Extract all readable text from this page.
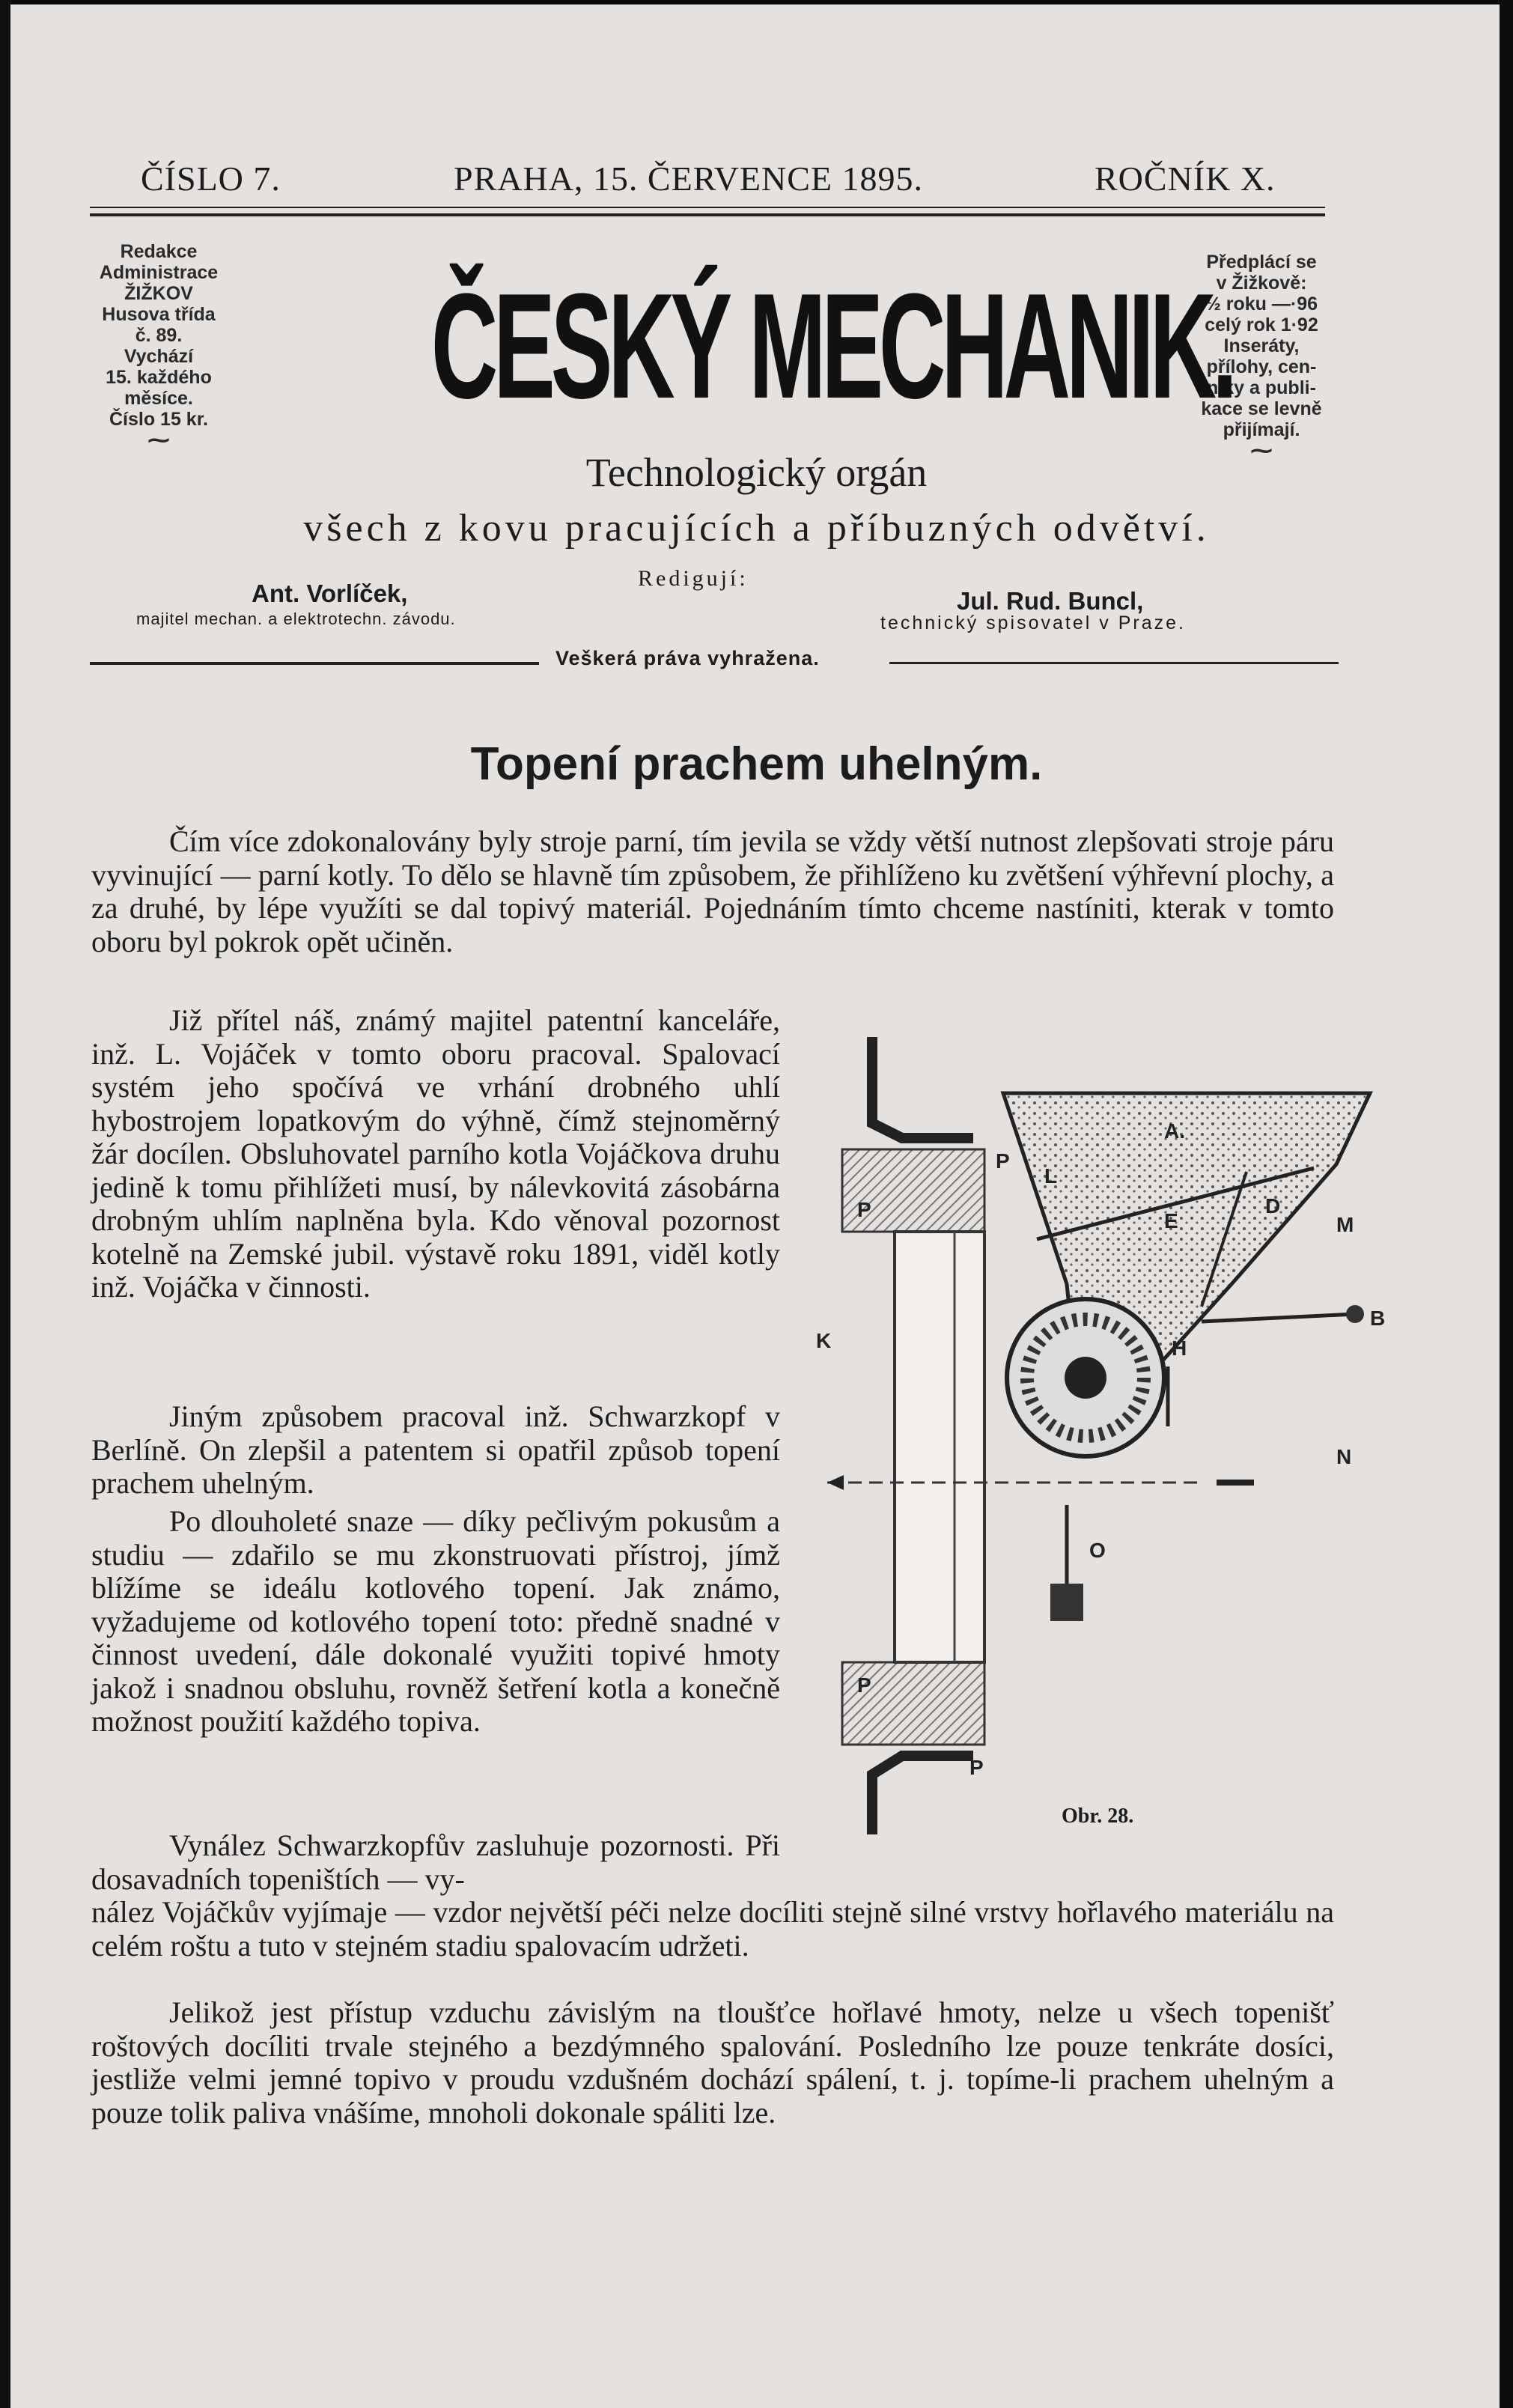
ČÍSLO 7.	PRAHA, 15. ČERVENCE 1895.	ROČNÍK X.
Redakce
Administrace
ŽIŽKOV
Husova třída
č. 89.
Vychází
15. každého
měsíce.
Číslo 15 kr.
⁓
Předplácí se
v Žižkově:
½ roku —·96
celý rok 1·92
Inseráty,
přílohy, cen-
níky a publi-
kace se levně
přijímají.
⁓
ČESKÝ MECHANIK.
Technologický orgán
všech z kovu pracujících a příbuzných odvětví.
Redigují:
Ant. Vorlíček,
majitel mechan. a elektrotechn. závodu.
Jul. Rud. Buncl,
technický spisovatel v Praze.
Veškerá práva vyhražena.
Topení prachem uhelným.
Čím více zdokonalovány byly stroje parní, tím jevila se vždy větší nutnost zlepšovati stroje páru vyvinující — parní kotly. To dělo se hlavně tím způsobem, že přihlíženo ku zvětšení výhřevní plochy, a za druhé, by lépe využíti se dal topivý materiál. Pojednáním tímto chceme nastíniti, kterak v tomto oboru byl pokrok opět učiněn.
Již přítel náš, známý majitel patentní kanceláře, inž. L. Vojáček v tomto oboru pracoval. Spalovací systém jeho spočívá ve vrhání drobného uhlí hybostrojem lopatkovým do výhně, čímž stejnoměrný žár docílen. Obsluhovatel parního kotla Vojáčkova druhu jedině k tomu přihlížeti musí, by nálevkovitá zásobárna drobným uhlím naplněna byla. Kdo věnoval pozornost kotelně na Zemské jubil. výstavě roku 1891, viděl kotly inž. Vojáčka v činnosti.
Jiným způsobem pracoval inž. Schwarzkopf v Berlíně. On zlepšil a patentem si opatřil způsob topení prachem uhelným.
Po dlouholeté snaze — díky pečlivým pokusům a studiu — zdařilo se mu zkonstruovati přístroj, jímž blížíme se ideálu kotlového topení. Jak známo, vyžadujeme od kotlového topení toto: předně snadné v činnost uvedení, dále dokonalé využiti topivé hmoty jakož i snadnou obsluhu, rovněž šetření kotla a konečně možnost použití každého topiva.
Vynález Schwarzkopfův zasluhuje pozornosti. Při dosavadních topeništích — vy-
nález Vojáčkův vyjímaje — vzdor největší péči nelze docíliti stejně silné vrstvy hořlavého materiálu na celém roštu a tuto v stejném stadiu spalovacím udržeti.
Jelikož jest přístup vzduchu závislým na tloušťce hořlavé hmoty, nelze u všech topenišť roštových docíliti trvale stejného a bezdýmného spalování. Posledního lze pouze tenkráte dosíci, jestliže velmi jemné topivo v proudu vzdušném dochází spálení, t. j. topíme-li prachem uhelným a pouze tolik paliva vnášíme, mnoholi dokonale spáliti lze.
A.
D
E	M
P
P
L
B
H
K
N
O
P
P
Obr. 28.
